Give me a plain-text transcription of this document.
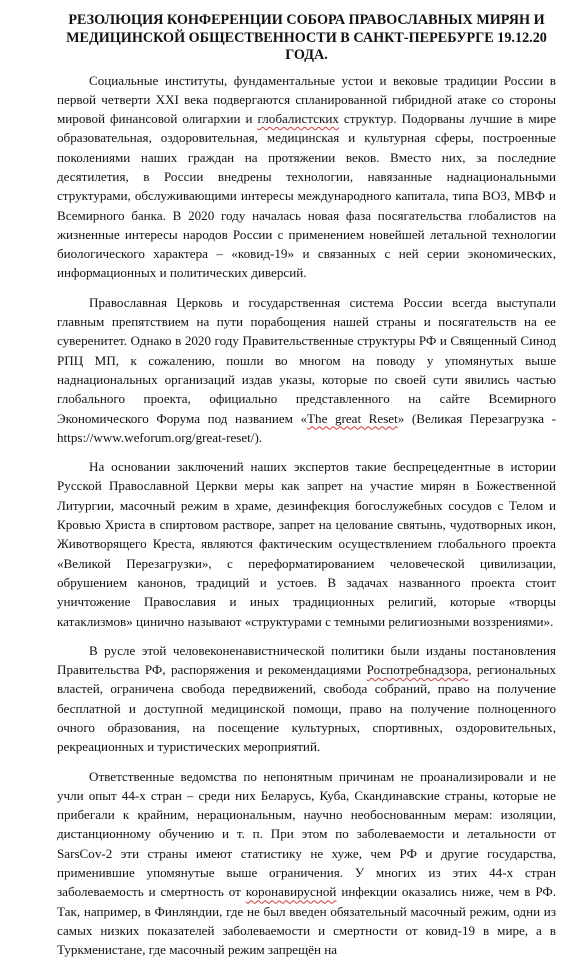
РЕЗОЛЮЦИЯ КОНФЕРЕНЦИИ СОБОРА ПРАВОСЛАВНЫХ МИРЯН И
МЕДИЦИНСКОЙ ОБЩЕСТВЕННОСТИ В САНКТ-ПЕРЕБУРГЕ 19.12.20 ГОДА.

Социальные институты, фундаментальные устои и вековые традиции России в первой четверти XXI века подвергаются спланированной гибридной атаке со стороны мировой финансовой олигархии и глобалистских структур. Подорваны лучшие в мире образовательная, оздоровительная, медицинская и культурная сферы, построенные поколениями наших граждан на протяжении веков. Вместо них, за последние десятилетия, в России внедрены технологии, навязанные наднациональными структурами, обслуживающими интересы международного капитала, типа ВОЗ, МВФ и Всемирного банка. В 2020 году началась новая фаза посягательства глобалистов на жизненные интересы народов России с применением новейшей летальной технологии биологического характера – «ковид-19» и связанных с ней серии экономических, информационных и политических диверсий.

Православная Церковь и государственная система России всегда выступали главным препятствием на пути порабощения нашей страны и посягательств на ее суверенитет. Однако в 2020 году Правительственные структуры РФ и Священный Синод РПЦ МП, к сожалению, пошли во многом на поводу у упомянутых выше наднациональных организаций издав указы, которые по своей сути явились частью глобального проекта, официально представленного на сайте Всемирного Экономического Форума под названием «The great Reset» (Великая Перезагрузка - https://www.weforum.org/great-reset/).

На основании заключений наших экспертов такие беспрецедентные в истории Русской Православной Церкви меры как запрет на участие мирян в Божественной Литургии, масочный режим в храме, дезинфекция богослужебных сосудов с Телом и Кровью Христа в спиртовом растворе, запрет на целование святынь, чудотворных икон, Животворящего Креста, являются фактическим осуществлением глобального проекта «Великой Перезагрузки», с переформатированием человеческой цивилизации, обрушением канонов, традиций и устоев. В задачах названного проекта стоит уничтожение Православия и иных традиционных религий, которые «творцы катаклизмов» цинично называют «структурами с темными религиозными воззрениями».

В русле этой человеконенавистнической политики были изданы постановления Правительства РФ, распоряжения и рекомендациями Роспотребнадзора, региональных властей, ограничена свобода передвижений, свобода собраний, право на получение бесплатной и доступной медицинской помощи, право на получение полноценного очного образования, на посещение культурных, спортивных, оздоровительных, рекреационных и туристических мероприятий.

Ответственные ведомства по непонятным причинам не проанализировали и не учли опыт 44-х стран – среди них Беларусь, Куба, Скандинавские страны, которые не прибегали к крайним, нерациональным, научно необоснованным мерам: изоляции, дистанционному обучению и т. п. При этом по заболеваемости и летальности от SarsCov-2 эти страны имеют статистику не хуже, чем РФ и другие государства, применившие упомянутые выше ограничения. У многих из этих 44-х стран заболеваемость и смертность от коронавирусной инфекции оказались ниже, чем в РФ. Так, например, в Финляндии, где не был введен обязательный масочный режим, одни из самых низких показателей заболеваемости и смертности от ковид-19 в мире, а в Туркменистане, где масочный режим запрещён на
